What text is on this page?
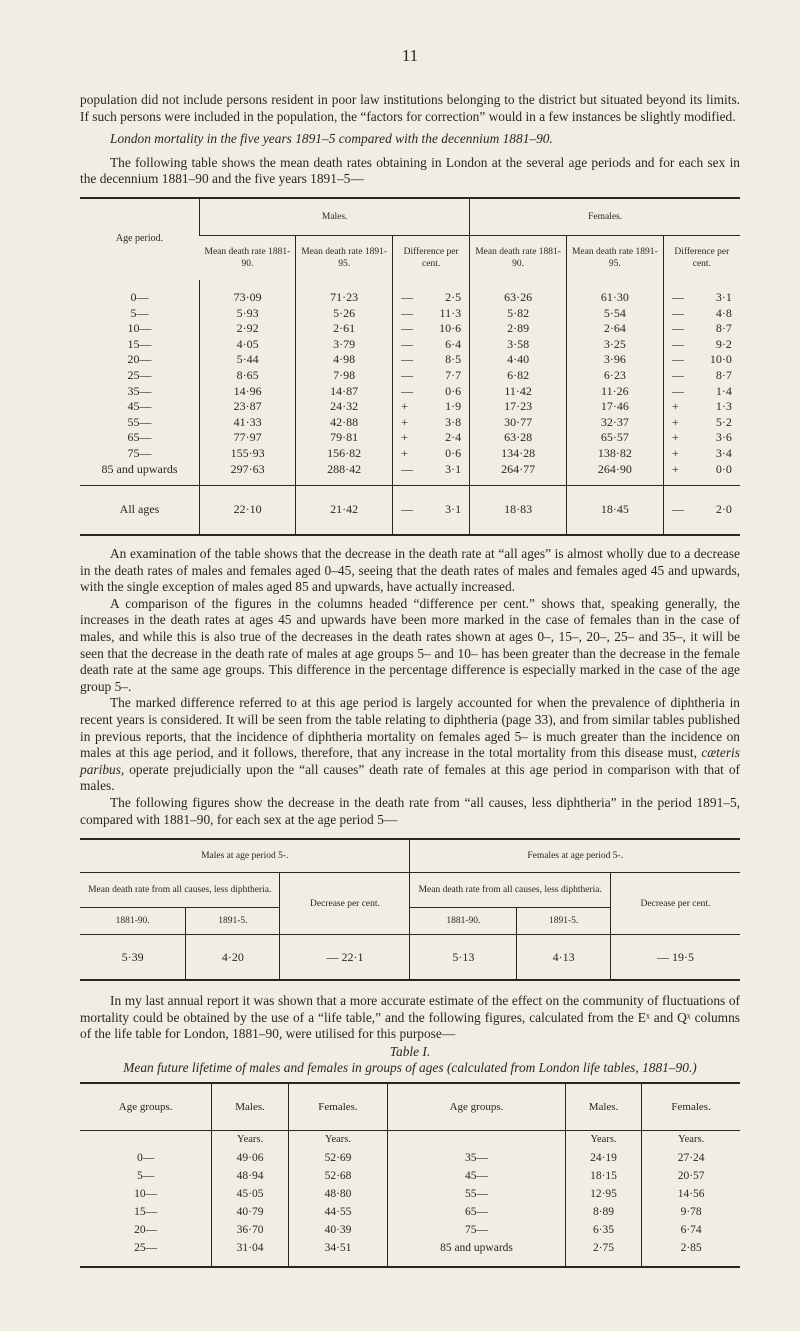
11

population did not include persons resident in poor law institutions belonging to the district but situated beyond its limits. If such persons were included in the population, the “factors for correction” would in a few instances be slightly modified.

London mortality in the five years 1891–5 compared with the decennium 1881–90.

The following table shows the mean death rates obtaining in London at the several age periods and for each sex in the decennium 1881–90 and the five years 1891–5—

Age period.	Males.			Females.		
	Mean death rate 1881-90.	Mean death rate 1891-95.	Difference per cent.	Mean death rate 1881-90.	Mean death rate 1891-95.	Difference per cent.
0—	73·09	71·23	— 2·5	63·26	61·30	— 3·1
5—	5·93	5·26	— 11·3	5·82	5·54	— 4·8
10—	2·92	2·61	— 10·6	2·89	2·64	— 8·7
15—	4·05	3·79	— 6·4	3·58	3·25	— 9·2
20—	5·44	4·98	— 8·5	4·40	3·96	— 10·0
25—	8·65	7·98	— 7·7	6·82	6·23	— 8·7
35—	14·96	14·87	— 0·6	11·42	11·26	— 1·4
45—	23·87	24·32	+ 1·9	17·23	17·46	+ 1·3
55—	41·33	42·88	+ 3·8	30·77	32·37	+ 5·2
65—	77·97	79·81	+ 2·4	63·28	65·57	+ 3·6
75—	155·93	156·82	+ 0·6	134·28	138·82	+ 3·4
85 and upwards	297·63	288·42	— 3·1	264·77	264·90	+ 0·0
All ages	22·10	21·42	— 3·1	18·83	18·45	— 2·0

An examination of the table shows that the decrease in the death rate at “all ages” is almost wholly due to a decrease in the death rates of males and females aged 0–45, seeing that the death rates of males and females aged 45 and upwards, with the single exception of males aged 85 and upwards, have actually increased.

A comparison of the figures in the columns headed “difference per cent.” shows that, speaking generally, the increases in the death rates at ages 45 and upwards have been more marked in the case of females than in the case of males, and while this is also true of the decreases in the death rates shown at ages 0–, 15–, 20–, 25– and 35–, it will be seen that the decrease in the death rate of males at age groups 5– and 10– has been greater than the decrease in the female death rate at the same age groups. This difference in the percentage difference is especially marked in the case of the age group 5–.

The marked difference referred to at this age period is largely accounted for when the prevalence of diphtheria in recent years is considered. It will be seen from the table relating to diphtheria (page 33), and from similar tables published in previous reports, that the incidence of diphtheria mortality on females aged 5– is much greater than the incidence on males at this age period, and it follows, therefore, that any increase in the total mortality from this disease must, cæteris paribus, operate prejudicially upon the “all causes” death rate of females at this age period in comparison with that of males.

The following figures show the decrease in the death rate from “all causes, less diphtheria” in the period 1891–5, compared with 1881–90, for each sex at the age period 5—

Males at age period 5-.			Females at age period 5-.		
Mean death rate from all causes, less diphtheria.		Decrease per cent.	Mean death rate from all causes, less diphtheria.		Decrease per cent.
1881-90.	1891-5.		1881-90.	1891-5.	
5·39	4·20	— 22·1	5·13	4·13	— 19·5

In my last annual report it was shown that a more accurate estimate of the effect on the community of fluctuations of mortality could be obtained by the use of a “life table,” and the following figures, calculated from the Eˣ and Qˣ columns of the life table for London, 1881–90, were utilised for this purpose—

Table I.
Mean future lifetime of males and females in groups of ages (calculated from London life tables, 1881–90.)
Age groups.	Males.	Females.	Age groups.	Males.	Females.
	Years.	Years.		Years.	Years.
0—	49·06	52·69	35—	24·19	27·24
5—	48·94	52·68	45—	18·15	20·57
10—	45·05	48·80	55—	12·95	14·56
15—	40·79	44·55	65—	8·89	9·78
20—	36·70	40·39	75—	6·35	6·74
25—	31·04	34·51	85 and upwards	2·75	2·85
